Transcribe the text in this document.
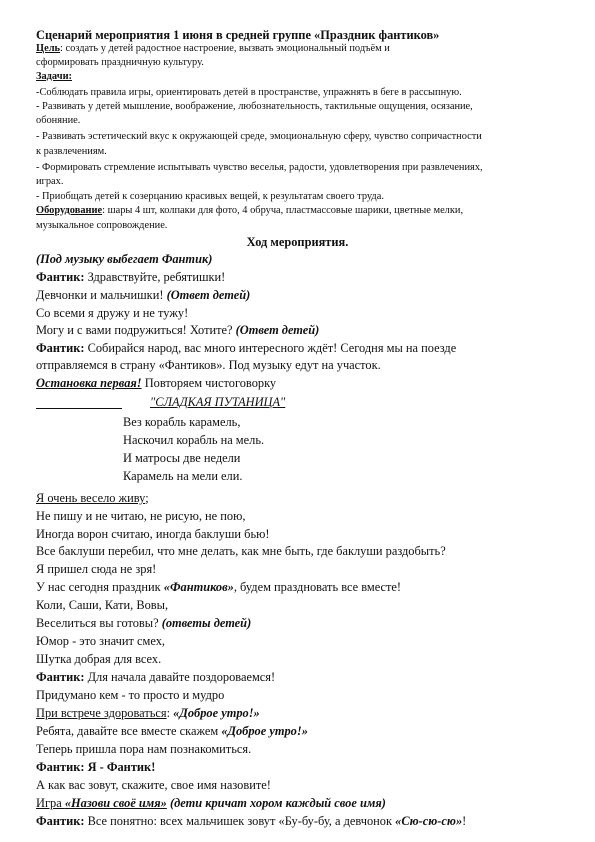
Сценарий мероприятия 1 июня в средней группе «Праздник фантиков»
Цель: создать у детей радостное настроение, вызвать эмоциональный подъём и
сформировать праздничную культуру.
Задачи:
-Соблюдать правила игры, ориентировать детей в пространстве, упражнять в беге в рассыпную.
- Развивать у детей мышление, воображение, любознательность, тактильные ощущения, осязание,
обоняние.
- Развивать эстетический вкус к окружающей среде, эмоциональную сферу, чувство сопричастности
к развлечениям.
- Формировать стремление испытывать чувство веселья, радости, удовлетворения при развлечениях,
играх.
- Приобщать детей к созерцанию красивых вещей, к результатам своего труда.
Оборудование: шары 4 шт, колпаки для фото, 4 обруча, пластмассовые шарики, цветные мелки,
музыкальное сопровождение.
Ход мероприятия.
(Под музыку выбегает Фантик)
Фантик: Здравствуйте, ребятишки!
Девчонки и мальчишки! (Ответ детей)
Со всеми я дружу и не тужу!
Могу и с вами подружиться! Хотите? (Ответ детей)
Фантик: Собирайся народ, вас много интересного ждёт! Сегодня мы на поезде
отправляемся в страну «Фантиков». Под музыку едут на участок.
Остановка первая! Повторяем чистоговорку
"СЛАДКАЯ ПУТАНИЦА"
Вез корабль карамель,
Наскочил корабль на мель.
И матросы две недели
Карамель на мели ели.
Я очень весело живу;
Не пишу и не читаю, не рисую, не пою,
Иногда ворон считаю, иногда баклуши бью!
Все баклуши перебил, что мне делать, как мне быть, где баклуши раздобыть?
Я пришел сюда не зря!
У нас сегодня праздник «Фантиков», будем праздновать все вместе!
Коли, Саши, Кати, Вовы,
Веселиться вы готовы? (ответы детей)
Юмор - это значит смех,
Шутка добрая для всех.
Фантик: Для начала давайте поздороваемся!
Придумано кем - то просто и мудро
При встрече здороваться: «Доброе утро!»
Ребята, давайте все вместе скажем «Доброе утро!»
Теперь пришла пора нам познакомиться.
Фантик: Я - Фантик!
А как вас зовут, скажите, свое имя назовите!
Игра «Назови своё имя» (дети кричат хором каждый свое имя)
Фантик: Все понятно: всех мальчишек зовут «Бу-бу-бу, а девчонок «Сю-сю-сю»!
